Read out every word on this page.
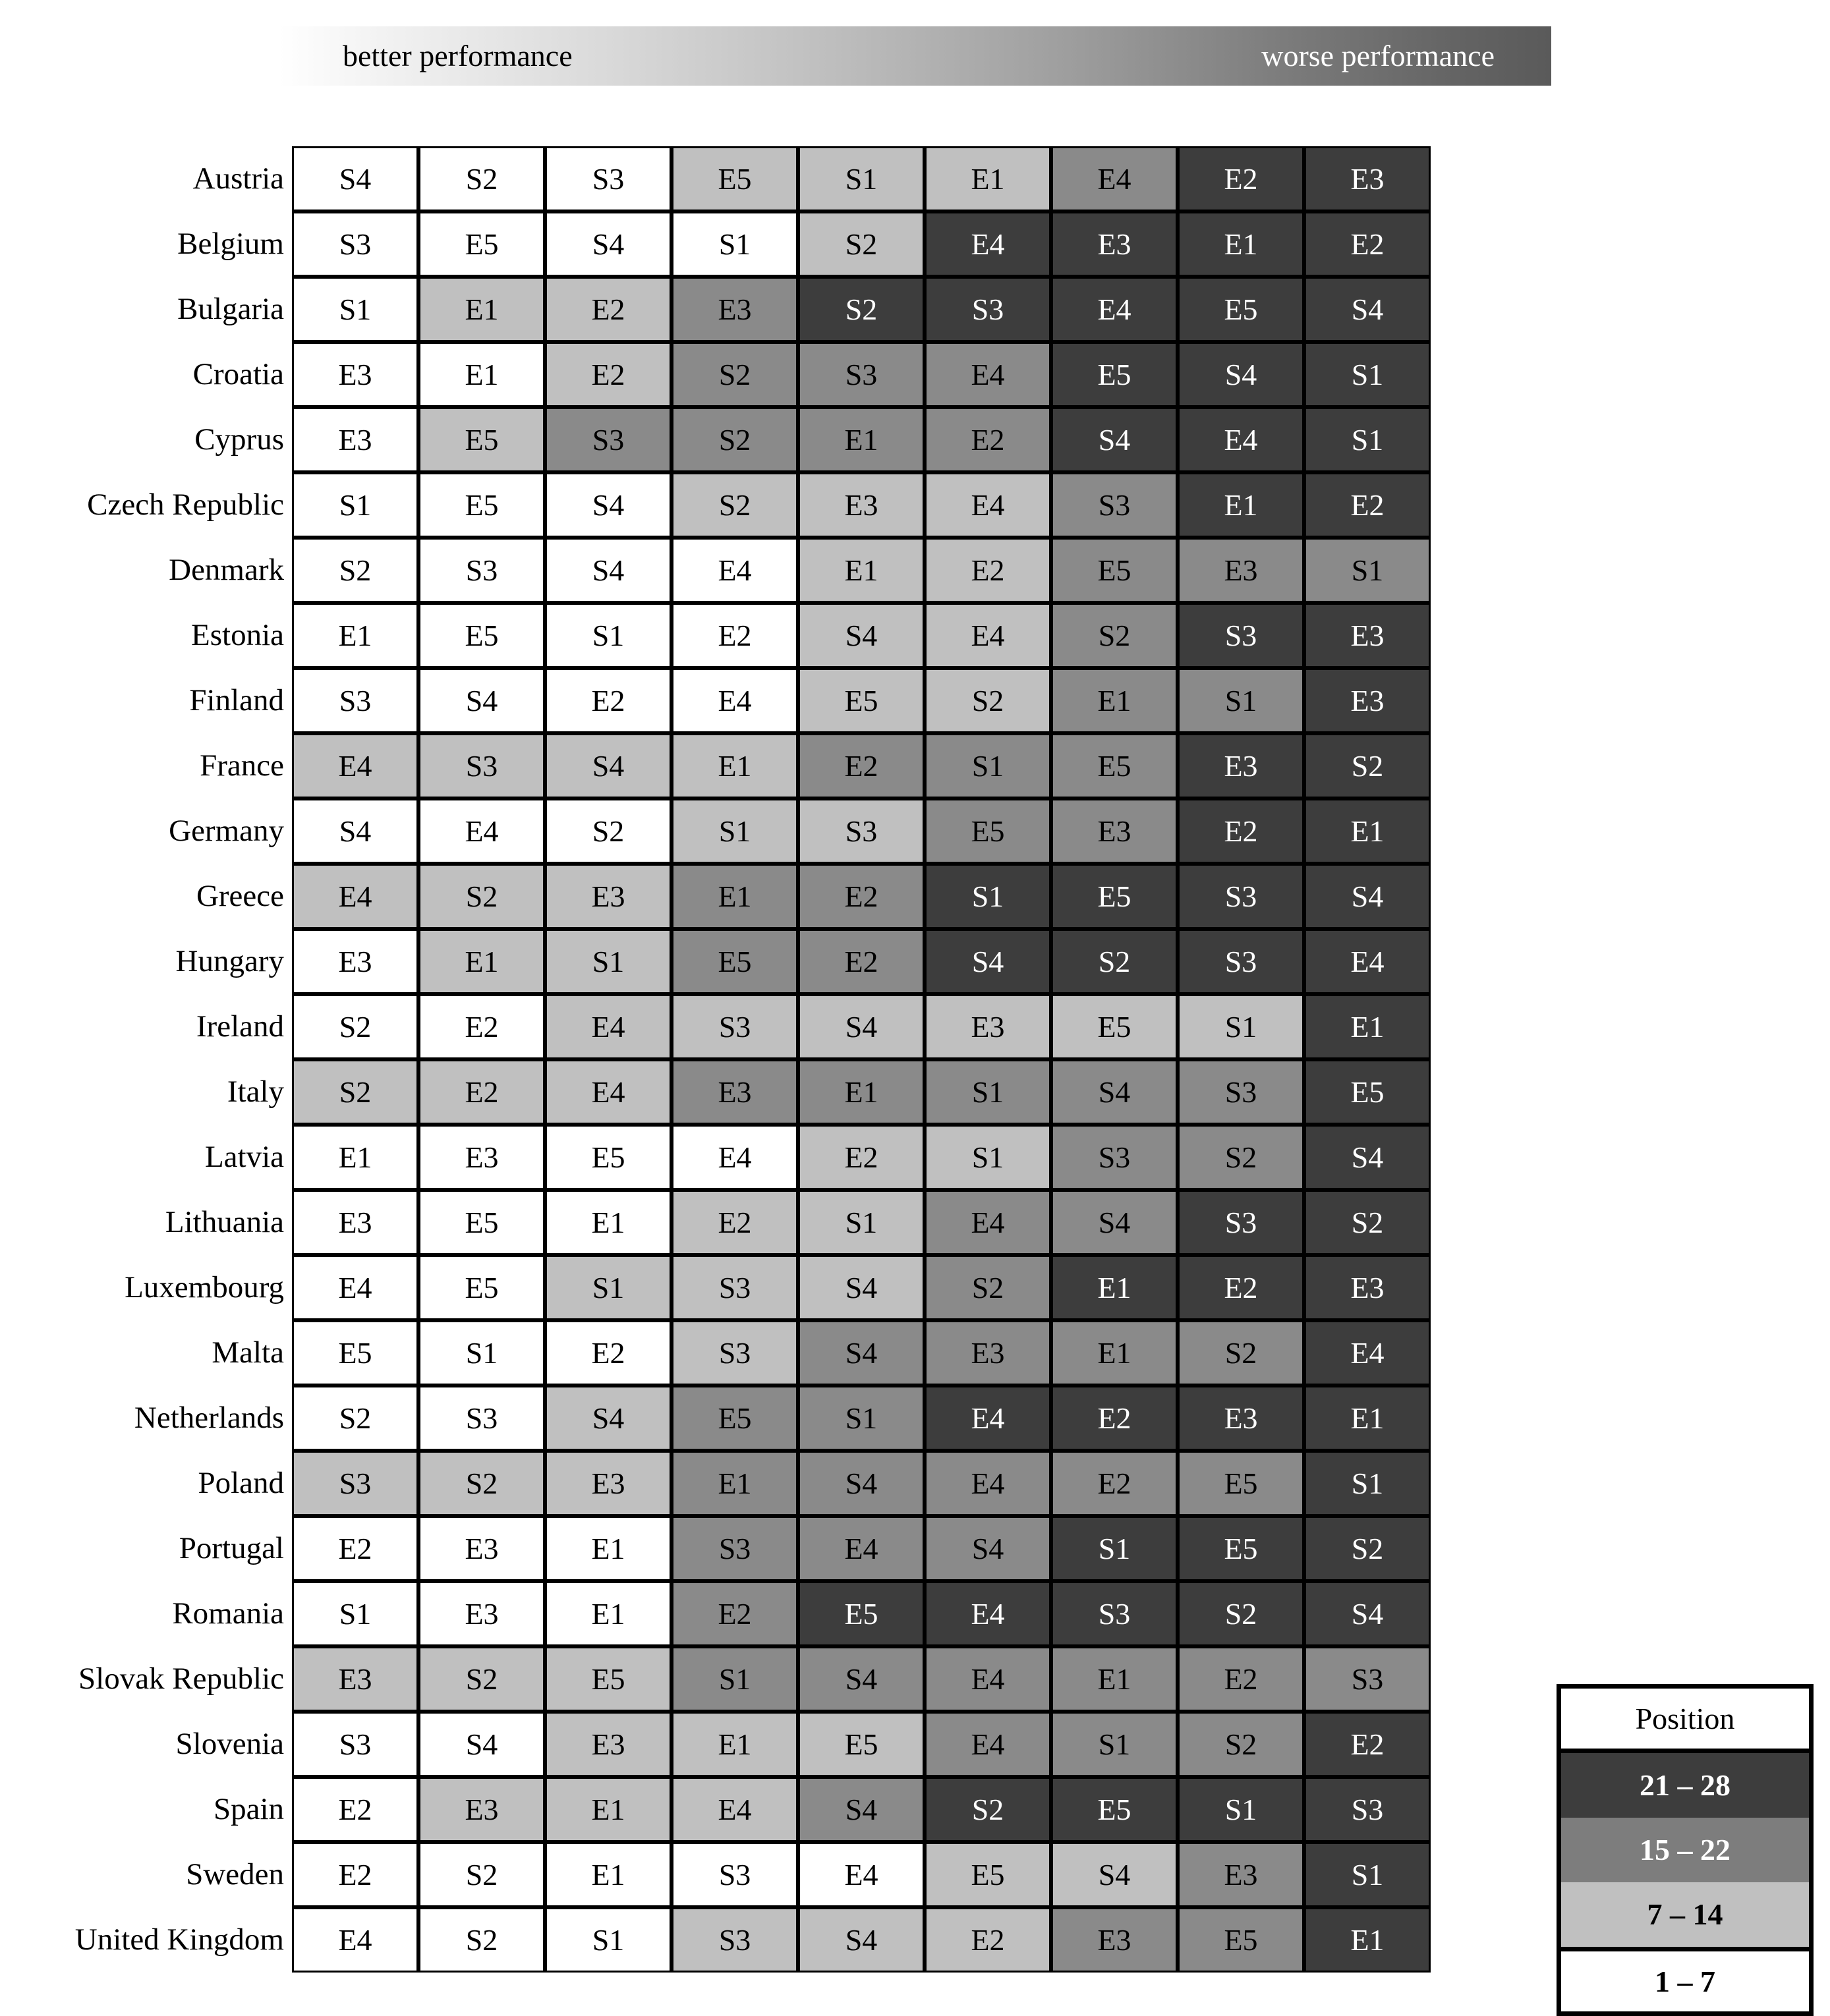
better performance	worse performance
Austria	S4	S2	S3	E5	S1	E1	E4	E2	E3
Belgium	S3	E5	S4	S1	S2	E4	E3	E1	E2
Bulgaria	S1	E1	E2	E3	S2	S3	E4	E5	S4
Croatia	E3	E1	E2	S2	S3	E4	E5	S4	S1
Cyprus	E3	E5	S3	S2	E1	E2	S4	E4	S1
Czech Republic	S1	E5	S4	S2	E3	E4	S3	E1	E2
Denmark	S2	S3	S4	E4	E1	E2	E5	E3	S1
Estonia	E1	E5	S1	E2	S4	E4	S2	S3	E3
Finland	S3	S4	E2	E4	E5	S2	E1	S1	E3
France	E4	S3	S4	E1	E2	S1	E5	E3	S2
Germany	S4	E4	S2	S1	S3	E5	E3	E2	E1
Greece	E4	S2	E3	E1	E2	S1	E5	S3	S4
Hungary	E3	E1	S1	E5	E2	S4	S2	S3	E4
Ireland	S2	E2	E4	S3	S4	E3	E5	S1	E1
Italy	S2	E2	E4	E3	E1	S1	S4	S3	E5
Latvia	E1	E3	E5	E4	E2	S1	S3	S2	S4
Lithuania	E3	E5	E1	E2	S1	E4	S4	S3	S2
Luxembourg	E4	E5	S1	S3	S4	S2	E1	E2	E3
Malta	E5	S1	E2	S3	S4	E3	E1	S2	E4
Netherlands	S2	S3	S4	E5	S1	E4	E2	E3	E1
Poland	S3	S2	E3	E1	S4	E4	E2	E5	S1
Portugal	E2	E3	E1	S3	E4	S4	S1	E5	S2
Romania	S1	E3	E1	E2	E5	E4	S3	S2	S4
Slovak Republic	E3	S2	E5	S1	S4	E4	E1	E2	S3
Slovenia	S3	S4	E3	E1	E5	E4	S1	S2	E2
Spain	E2	E3	E1	E4	S4	S2	E5	S1	S3
Sweden	E2	S2	E1	S3	E4	E5	S4	E3	S1
United Kingdom	E4	S2	S1	S3	S4	E2	E3	E5	E1
Position
21 – 28
15 – 22
7 – 14
1 – 7
